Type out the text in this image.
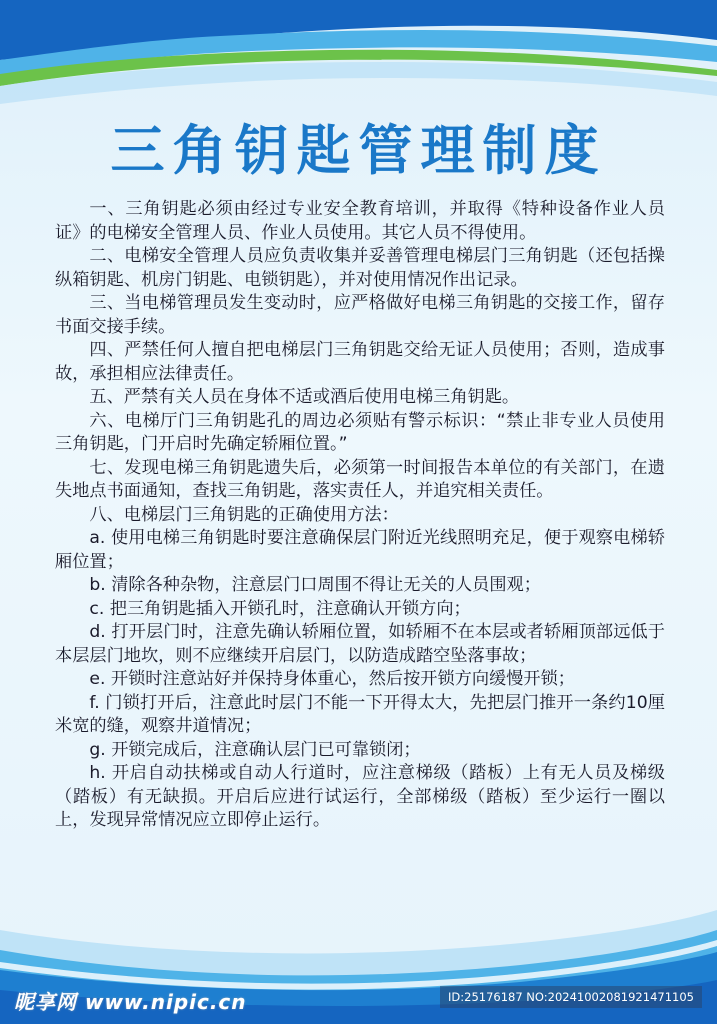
三角钥匙管理制度

一、三角钥匙必须由经过专业安全教育培训，并取得《特种设备作业人员证》的电梯安全管理人员、作业人员使用。其它人员不得使用。

二、电梯安全管理人员应负责收集并妥善管理电梯层门三角钥匙（还包括操纵箱钥匙、机房门钥匙、电锁钥匙），并对使用情况作出记录。

三、当电梯管理员发生变动时，应严格做好电梯三角钥匙的交接工作，留存书面交接手续。

四、严禁任何人擅自把电梯层门三角钥匙交给无证人员使用；否则，造成事故，承担相应法律责任。

五、严禁有关人员在身体不适或酒后使用电梯三角钥匙。

六、电梯厅门三角钥匙孔的周边必须贴有警示标识：“禁止非专业人员使用三角钥匙，门开启时先确定轿厢位置。”

七、发现电梯三角钥匙遗失后，必须第一时间报告本单位的有关部门，在遗失地点书面通知，查找三角钥匙，落实责任人，并追究相关责任。

八、电梯层门三角钥匙的正确使用方法：

a. 使用电梯三角钥匙时要注意确保层门附近光线照明充足，便于观察电梯轿厢位置；

b. 清除各种杂物，注意层门口周围不得让无关的人员围观；

c. 把三角钥匙插入开锁孔时，注意确认开锁方向；

d. 打开层门时，注意先确认轿厢位置，如轿厢不在本层或者轿厢顶部远低于本层层门地坎，则不应继续开启层门，以防造成踏空坠落事故；

e. 开锁时注意站好并保持身体重心，然后按开锁方向缓慢开锁；

f. 门锁打开后，注意此时层门不能一下开得太大，先把层门推开一条约10厘米宽的缝，观察井道情况；

g. 开锁完成后，注意确认层门已可靠锁闭；

h. 开启自动扶梯或自动人行道时，应注意梯级（踏板）上有无人员及梯级（踏板）有无缺损。开启后应进行试运行，全部梯级（踏板）至少运行一圈以上，发现异常情况应立即停止运行。

昵享网 www.nipic.cn	ID:25176187 NO:20241002081921471105
